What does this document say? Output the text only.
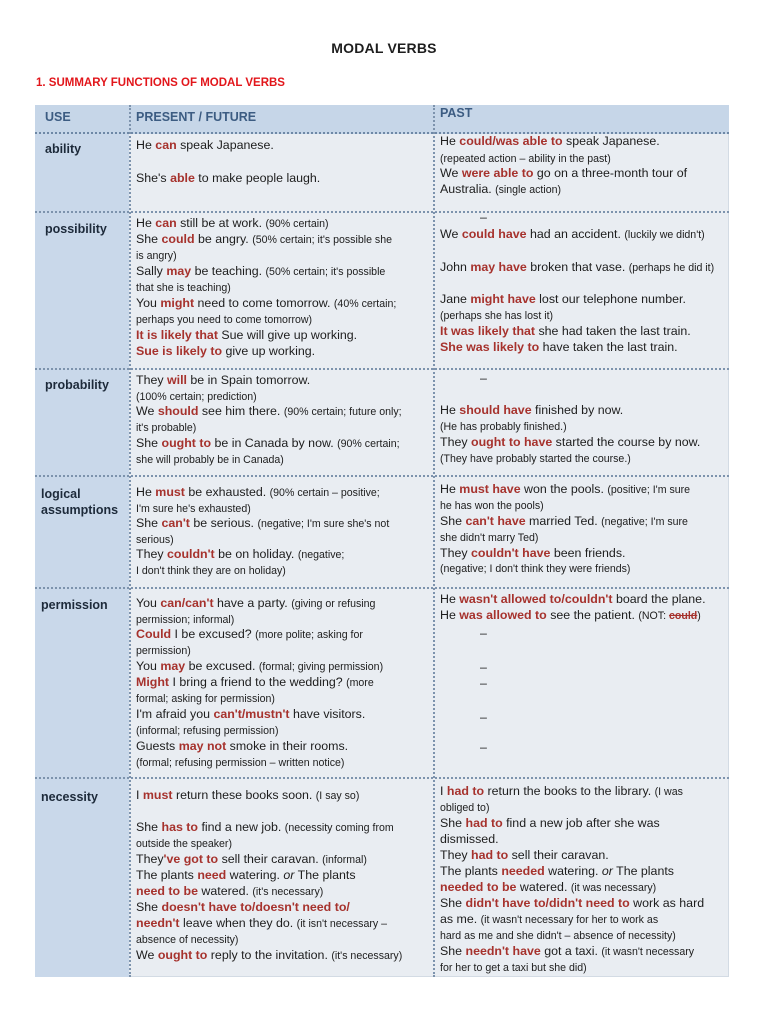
MODAL VERBS
1. SUMMARY FUNCTIONS OF MODAL VERBS
USE	PRESENT / FUTURE	PAST
ability
possibility
probability
logical
assumptions
permission
necessity
He can speak Japanese.
She's able to make people laugh.
He can still be at work. (90% certain)
She could be angry. (50% certain; it's possible she
is angry)
Sally may be teaching. (50% certain; it's possible
that she is teaching)
You might need to come tomorrow. (40% certain;
perhaps you need to come tomorrow)
It is likely that Sue will give up working.
Sue is likely to give up working.
They will be in Spain tomorrow.
(100% certain; prediction)
We should see him there. (90% certain; future only;
it's probable)
She ought to be in Canada by now. (90% certain;
she will probably be in Canada)
He must be exhausted. (90% certain – positive;
I'm sure he's exhausted)
She can't be serious. (negative; I'm sure she's not
serious)
They couldn't be on holiday. (negative;
I don't think they are on holiday)
You can/can't have a party. (giving or refusing
permission; informal)
Could I be excused? (more polite; asking for
permission)
You may be excused. (formal; giving permission)
Might I bring a friend to the wedding? (more
formal; asking for permission)
I'm afraid you can't/mustn't have visitors.
(informal; refusing permission)
Guests may not smoke in their rooms.
(formal; refusing permission – written notice)
I must return these books soon. (I say so)
She has to find a new job. (necessity coming from
outside the speaker)
They've got to sell their caravan. (informal)
The plants need watering. or The plants
need to be watered. (it's necessary)
She doesn't have to/doesn't need to/
needn't leave when they do. (it isn't necessary –
absence of necessity)
We ought to reply to the invitation. (it's necessary)
He could/was able to speak Japanese.
(repeated action – ability in the past)
We were able to go on a three-month tour of
Australia. (single action)
–
We could have had an accident. (luckily we didn't)
John may have broken that vase. (perhaps he did it)
Jane might have lost our telephone number.
(perhaps she has lost it)
It was likely that she had taken the last train.
She was likely to have taken the last train.
–
He should have finished by now.
(He has probably finished.)
They ought to have started the course by now.
(They have probably started the course.)
He must have won the pools. (positive; I'm sure
he has won the pools)
She can't have married Ted. (negative; I'm sure
she didn't marry Ted)
They couldn't have been friends.
(negative; I don't think they were friends)
He wasn't allowed to/couldn't board the plane.
He was allowed to see the patient. (NOT: could)
–
–
–
–
–
I had to return the books to the library. (I was
obliged to)
She had to find a new job after she was
dismissed.
They had to sell their caravan.
The plants needed watering. or The plants
needed to be watered. (it was necessary)
She didn't have to/didn't need to work as hard
as me. (it wasn't necessary for her to work as
hard as me and she didn't – absence of necessity)
She needn't have got a taxi. (it wasn't necessary
for her to get a taxi but she did)
